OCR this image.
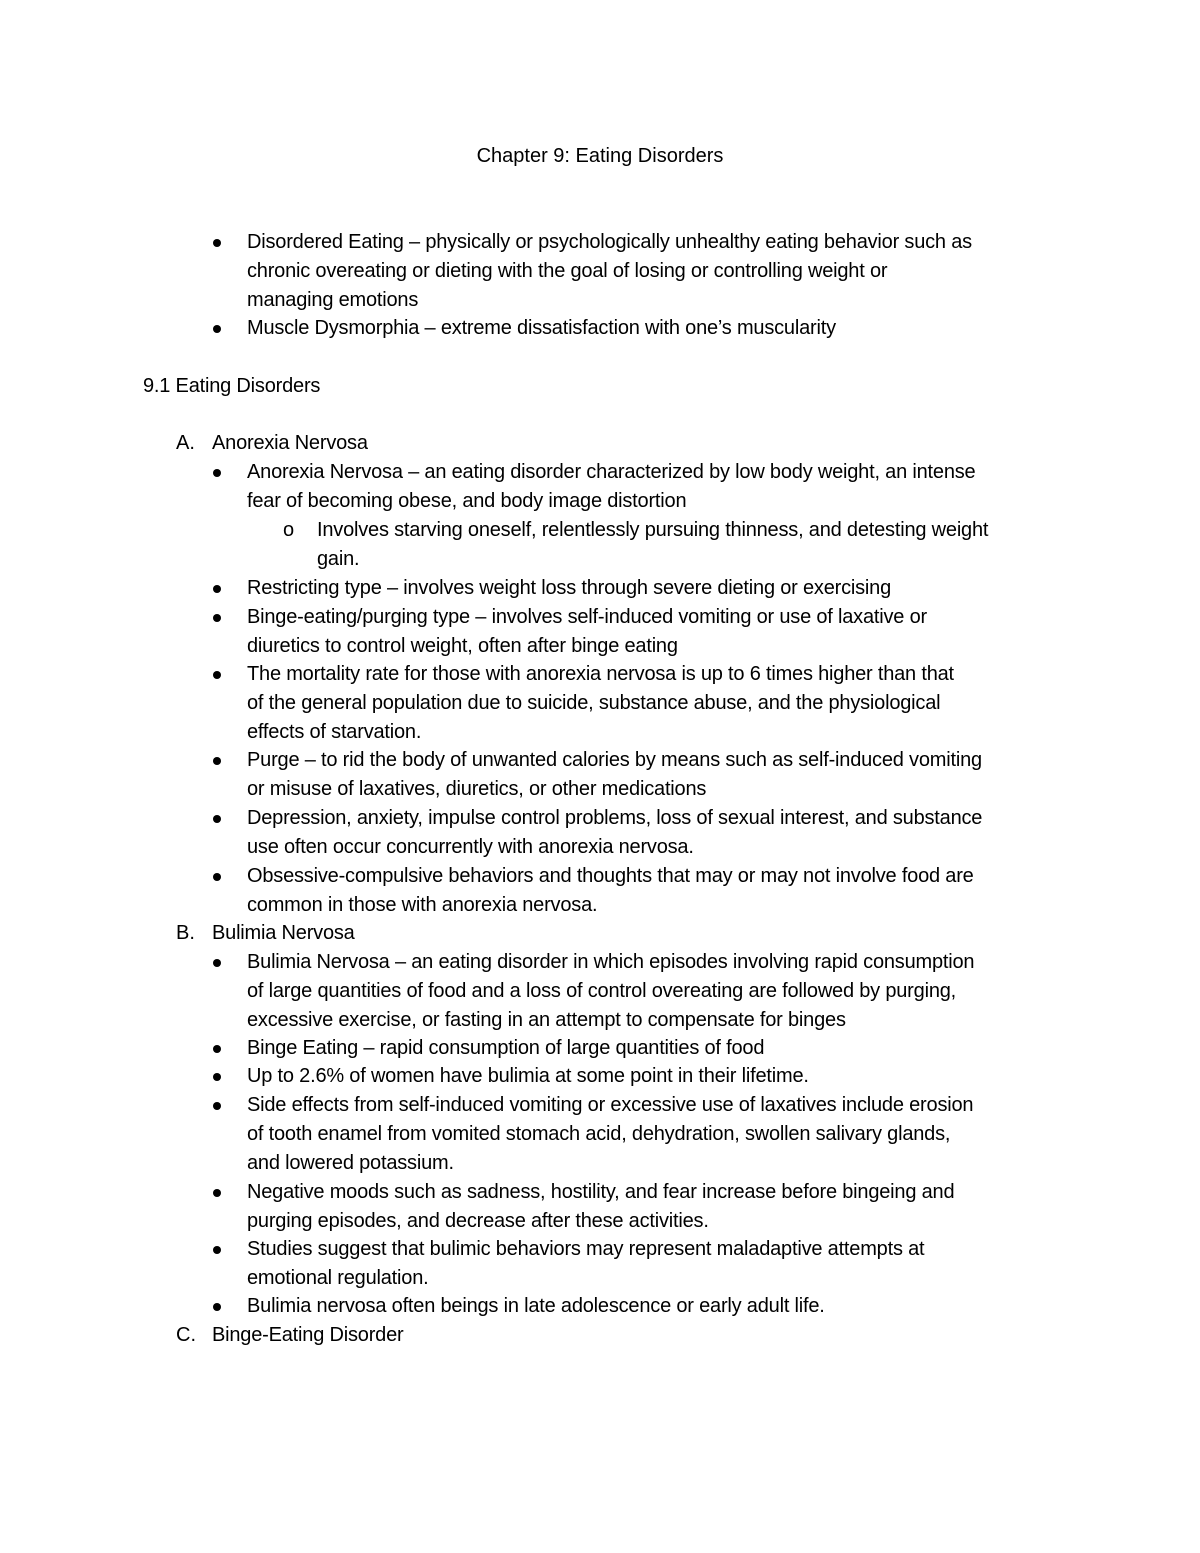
Chapter 9: Eating Disorders
Disordered Eating – physically or psychologically unhealthy eating behavior such as
chronic overeating or dieting with the goal of losing or controlling weight or
managing emotions
Muscle Dysmorphia – extreme dissatisfaction with one’s muscularity
9.1 Eating Disorders
A. Anorexia Nervosa
Anorexia Nervosa – an eating disorder characterized by low body weight, an intense
fear of becoming obese, and body image distortion
o Involves starving oneself, relentlessly pursuing thinness, and detesting weight
gain.
Restricting type – involves weight loss through severe dieting or exercising
Binge-eating/purging type – involves self-induced vomiting or use of laxative or
diuretics to control weight, often after binge eating
The mortality rate for those with anorexia nervosa is up to 6 times higher than that
of the general population due to suicide, substance abuse, and the physiological
effects of starvation.
Purge – to rid the body of unwanted calories by means such as self-induced vomiting
or misuse of laxatives, diuretics, or other medications
Depression, anxiety, impulse control problems, loss of sexual interest, and substance
use often occur concurrently with anorexia nervosa.
Obsessive-compulsive behaviors and thoughts that may or may not involve food are
common in those with anorexia nervosa.
B. Bulimia Nervosa
Bulimia Nervosa – an eating disorder in which episodes involving rapid consumption
of large quantities of food and a loss of control overeating are followed by purging,
excessive exercise, or fasting in an attempt to compensate for binges
Binge Eating – rapid consumption of large quantities of food
Up to 2.6% of women have bulimia at some point in their lifetime.
Side effects from self-induced vomiting or excessive use of laxatives include erosion
of tooth enamel from vomited stomach acid, dehydration, swollen salivary glands,
and lowered potassium.
Negative moods such as sadness, hostility, and fear increase before bingeing and
purging episodes, and decrease after these activities.
Studies suggest that bulimic behaviors may represent maladaptive attempts at
emotional regulation.
Bulimia nervosa often beings in late adolescence or early adult life.
C. Binge-Eating Disorder
